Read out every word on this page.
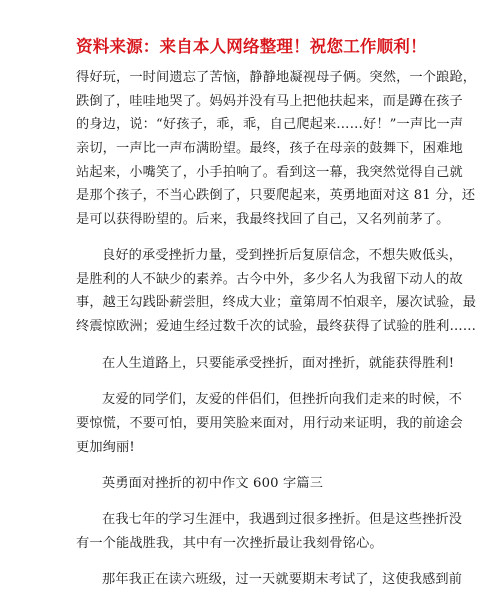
资料来源：来自本人网络整理！祝您工作顺利！
得好玩，一时间遗忘了苦恼，静静地凝视母子俩。突然，一个踉跄，
跌倒了，哇哇地哭了。妈妈并没有马上把他扶起来，而是蹲在孩子
的身边，说：“好孩子，乖，乖，自己爬起来……好！”一声比一声
亲切，一声比一声布满盼望。最终，孩子在母亲的鼓舞下，困难地
站起来，小嘴笑了，小手拍响了。看到这一幕，我突然觉得自己就
是那个孩子，不当心跌倒了，只要爬起来，英勇地面对这 81 分，还
是可以获得盼望的。后来，我最终找回了自己，又名列前茅了。
良好的承受挫折力量，受到挫折后复原信念，不想失败低头，
是胜利的人不缺少的素养。古今中外，多少名人为我留下动人的故
事，越王勾践卧薪尝胆，终成大业；童第周不怕艰辛，屡次试验，最
终震惊欧洲；爱迪生经过数千次的试验，最终获得了试验的胜利……
在人生道路上，只要能承受挫折，面对挫折，就能获得胜利!
友爱的同学们，友爱的伴侣们，但挫折向我们走来的时候，不
要惊慌，不要可怕，要用笑脸来面对，用行动来证明，我的前途会
更加绚丽!
英勇面对挫折的初中作文 600 字篇三
在我七年的学习生涯中，我遇到过很多挫折。但是这些挫折没
有一个能战胜我，其中有一次挫折最让我刻骨铭心。
那年我正在读六班级，过一天就要期末考试了，这使我感到前
